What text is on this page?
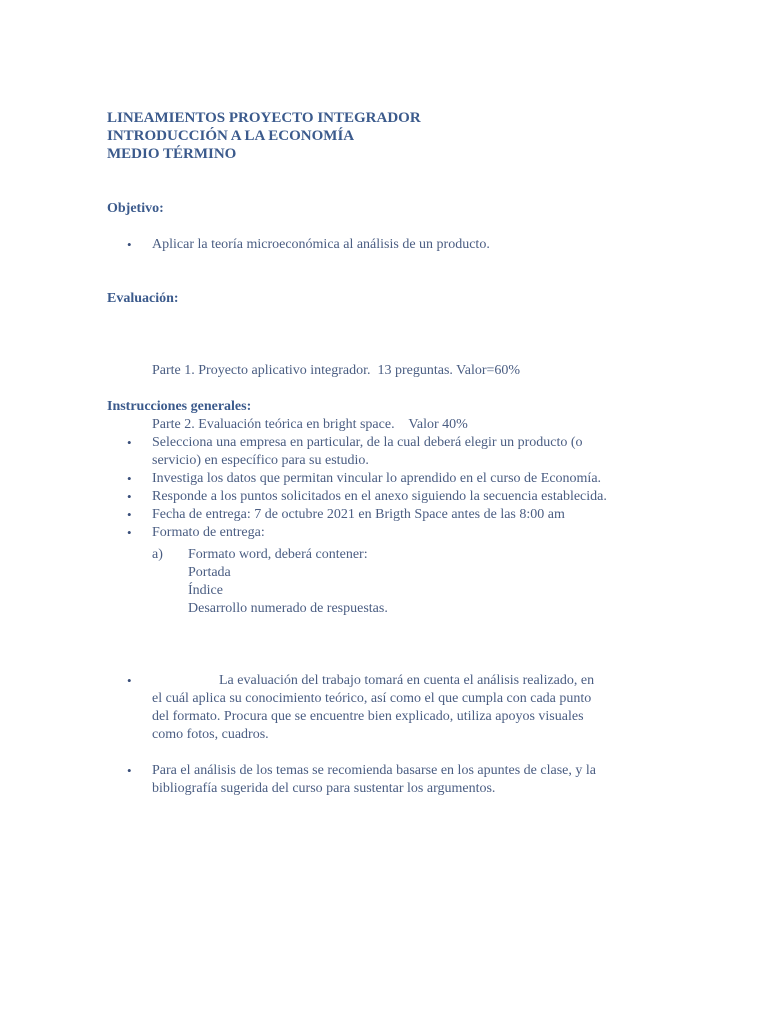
LINEAMIENTOS PROYECTO INTEGRADOR
INTRODUCCIÓN A LA ECONOMÍA
MEDIO TÉRMINO
Objetivo:
• Aplicar la teoría microeconómica al análisis de un producto.
Evaluación:

Parte 1. Proyecto aplicativo integrador.  13 preguntas. Valor=60%

Parte 2. Evaluación teórica en bright space.    Valor 40%

Instrucciones generales:
• Selecciona una empresa en particular, de la cual deberá elegir un producto (o servicio) en específico para su estudio.
• Investiga los datos que permitan vincular lo aprendido en el curso de Economía.
• Responde a los puntos solicitados en el anexo siguiendo la secuencia establecida.
• Fecha de entrega: 7 de octubre 2021 en Brigth Space antes de las 8:00 am
• Formato de entrega:
a) Formato word, deberá contener:
Portada
Índice
Desarrollo numerado de respuestas.
• La evaluación del trabajo tomará en cuenta el análisis realizado, en el cuál aplica su conocimiento teórico, así como el que cumpla con cada punto del formato. Procura que se encuentre bien explicado, utiliza apoyos visuales como fotos, cuadros.
• Para el análisis de los temas se recomienda basarse en los apuntes de clase, y la bibliografía sugerida del curso para sustentar los argumentos.
